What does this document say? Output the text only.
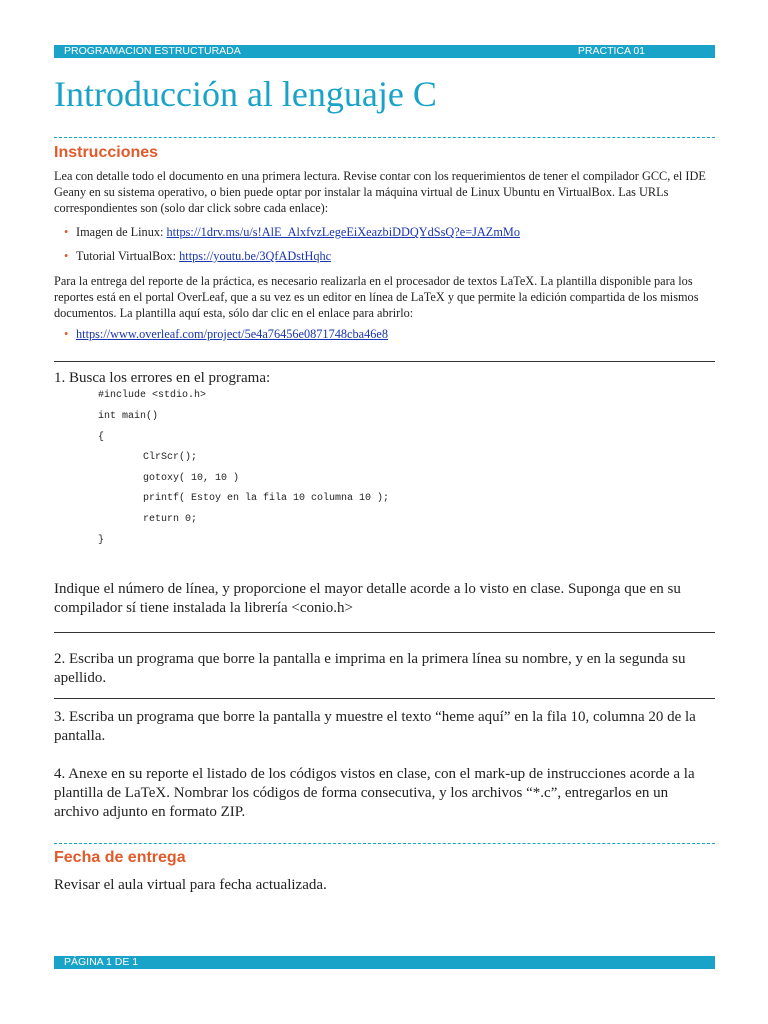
PROGRAMACION ESTRUCTURADA	PRACTICA 01
Introducción al lenguaje C
Instrucciones

Lea con detalle todo el documento en una primera lectura. Revise contar con los requerimientos de tener el compilador GCC, el IDE Geany en su sistema operativo, o bien puede optar por instalar la máquina virtual de Linux Ubuntu en VirtualBox. Las URLs correspondientes son (solo dar click sobre cada enlace):

• Imagen de Linux: https://1drv.ms/u/s!AlE_AlxfvzLegeEiXeazbiDDQYdSsQ?e=JAZmMo

• Tutorial VirtualBox: https://youtu.be/3QfADstHqhc

Para la entrega del reporte de la práctica, es necesario realizarla en el procesador de textos LaTeX. La plantilla disponible para los reportes está en el portal OverLeaf, que a su vez es un editor en línea de LaTeX y que permite la edición compartida de los mismos documentos. La plantilla aquí esta, sólo dar clic en el enlace para abrirlo:

• https://www.overleaf.com/project/5e4a76456e0871748cba46e8

1. Busca los errores en el programa:

#include <stdio.h>
int main()
{
ClrScr();
gotoxy( 10, 10 )
printf( Estoy en la fila 10 columna 10 );
return 0;
}

Indique el número de línea, y proporcione el mayor detalle acorde a lo visto en clase. Suponga que en su compilador sí tiene instalada la librería <conio.h>

2. Escriba un programa que borre la pantalla e imprima en la primera línea su nombre, y en la segunda su apellido.

3. Escriba un programa que borre la pantalla y muestre el texto “heme aquí” en la fila 10, columna 20 de la pantalla.

4. Anexe en su reporte el listado de los códigos vistos en clase, con el mark-up de instrucciones acorde a la plantilla de LaTeX. Nombrar los códigos de forma consecutiva, y los archivos “*.c”, entregarlos en un archivo adjunto en formato ZIP.

Fecha de entrega

Revisar el aula virtual para fecha actualizada.

PÁGINA 1 DE 1
